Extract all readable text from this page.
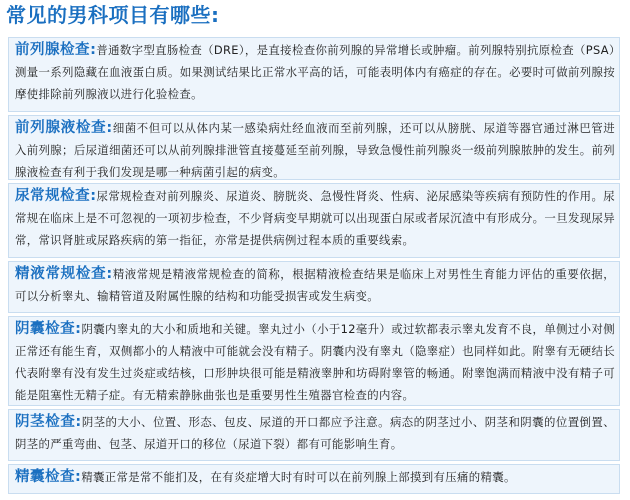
常见的男科项目有哪些:

前列腺检查:普通数字型直肠检查（DRE），是直接检查你前列腺的异常增长或肿瘤。前列腺特别抗原检查（PSA）测量一系列隐藏在血液蛋白质。如果测试结果比正常水平高的话，可能表明体内有癌症的存在。必要时可做前列腺按摩使排除前列腺液以进行化验检查。

前列腺液检查:细菌不但可以从体内某一感染病灶经血液而至前列腺，还可以从膀胱、尿道等器官通过淋巴管进入前列腺；后尿道细菌还可以从前列腺排泄管直接蔓延至前列腺，导致急慢性前列腺炎一级前列腺脓肿的发生。前列腺液检查有利于我们发现是哪一种病菌引起的病变。

尿常规检查:尿常规检查对前列腺炎、尿道炎、膀胱炎、急慢性肾炎、性病、泌尿感染等疾病有预防性的作用。尿常规在临床上是不可忽视的一项初步检查，不少肾病变早期就可以出现蛋白尿或者尿沉渣中有形成分。一旦发现尿异常，常识肾脏或尿路疾病的第一指征，亦常是提供病例过程本质的重要线索。

精液常规检查:精液常规是精液常规检查的简称，根据精液检查结果是临床上对男性生育能力评估的重要依据，可以分析睾丸、输精管道及附属性腺的结构和功能受损害或发生病变。

阴囊检查:阴囊内睾丸的大小和质地和关键。睾丸过小（小于12毫升）或过软都表示睾丸发育不良，单侧过小对侧正常还有能生育，双侧都小的人精液中可能就会没有精子。阴囊内没有睾丸（隐睾症）也同样如此。附睾有无硬结长代表附睾有没有发生过炎症或结核，口形肿块很可能是精液睾肿和坊碍附睾管的畅通。附睾饱满而精液中没有精子可能是阻塞性无精子症。有无精索静脉曲张也是重要男性生殖器官检查的内容。

阴茎检查:阴茎的大小、位置、形态、包皮、尿道的开口都应予注意。病态的阴茎过小、阴茎和阴囊的位置倒置、阴茎的严重弯曲、包茎、尿道开口的移位（尿道下裂）都有可能影响生育。

精囊检查:精囊正常是常不能扪及，在有炎症增大时有时可以在前列腺上部摸到有压痛的精囊。
